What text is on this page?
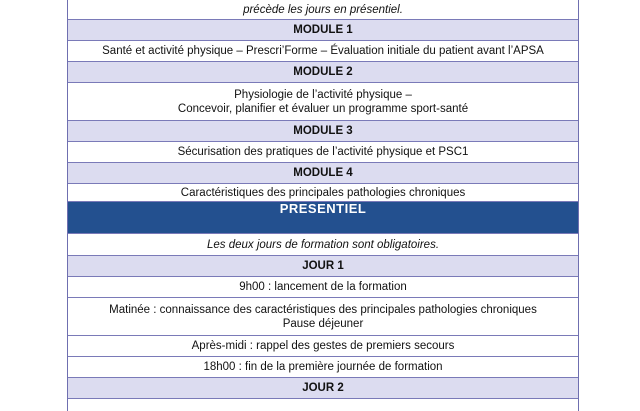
précède les jours en présentiel.
MODULE 1
Santé et activité physique – Prescri’Forme – Évaluation initiale du patient avant l’APSA
MODULE 2
Physiologie de l’activité physique –
Concevoir, planifier et évaluer un programme sport-santé
MODULE 3
Sécurisation des pratiques de l’activité physique et PSC1
MODULE 4
Caractéristiques des principales pathologies chroniques
PRESENTIEL
Les deux jours de formation sont obligatoires.
JOUR 1
9h00 : lancement de la formation
Matinée : connaissance des caractéristiques des principales pathologies chroniques
Pause déjeuner
Après-midi : rappel des gestes de premiers secours
18h00 : fin de la première journée de formation
JOUR 2
